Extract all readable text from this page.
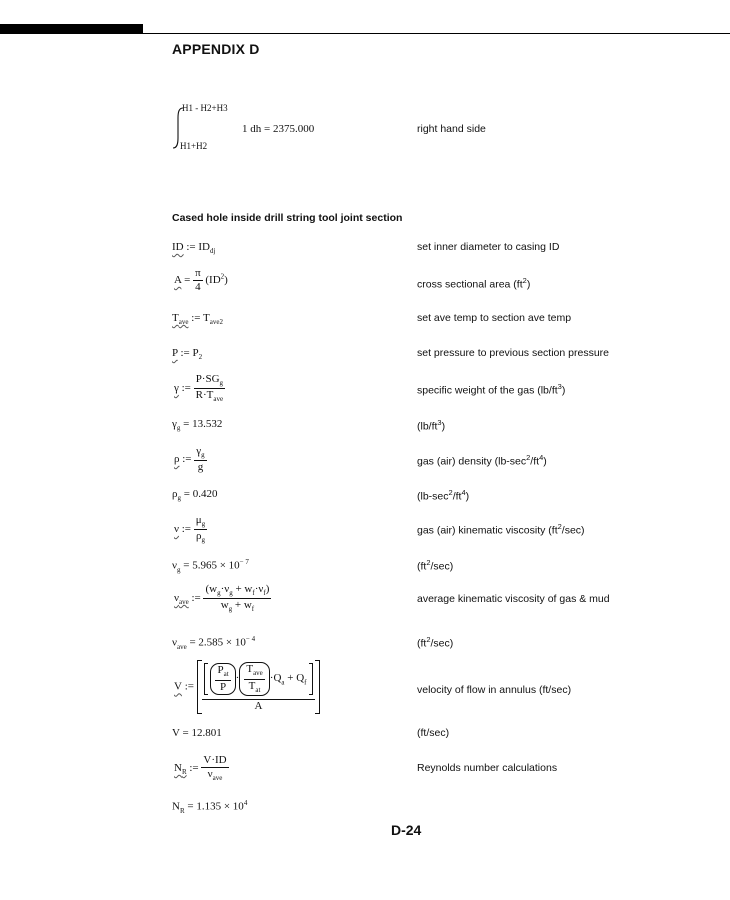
APPENDIX D
H1 - H2+H3
H1+H2
1 dh = 2375.000	right hand side
Cased hole inside drill string tool joint section
ID := $ID_{dj}$	set inner diameter to casing ID
$A = \frac{\pi}{4} (ID^2)$	cross sectional area $(ft^2)$
$T_{ave}$ := $T_{ave2}$	set ave temp to section ave temp
P := $P_2$	set pressure to previous section pressure
γ := $\frac{P\cdot SG_g}{R\cdot T_{ave}}$	specific weight of the gas $(lb/ft^3)$
$\gamma_g = 13.532$	$(lb/ft^3)$
ρ := $\frac{\gamma_g}{g}$	gas (air) density $(lb-\sec^2/ft^4)$
$\rho_g = 0.420$	$(lb-\sec^2/ft^4)$
ν := $\frac{\mu_g}{\rho_g}$	gas (air) kinematic viscosity $(ft^2/\sec)$
$\nu_g = 5.965 \times 10^{- 7}$	$(ft^2/\sec)$
$\nu_{ave}$ := $\frac{(w_g\cdot\nu_g + w_f\cdot\nu_f)}{w_g + w_f}$	average kinematic viscosity of gas & mud
$\nu_{ave} = 2.585 \times 10^{- 4}$	$(ft^2/\sec)$
V :=
$\frac{\frac{P_{at}}{P} \cdot \frac{T_{ave}}{T_{at}} \cdot Q_a + Q_f}{A}$	velocity of flow in annulus (ft/sec)
V = 12.801	(ft/sec)
$N_R$ := $\frac{V\cdot ID}{\nu_{ave}}$	Reynolds number calculations
$N_R = 1.135 \times 10^4$
D-24
